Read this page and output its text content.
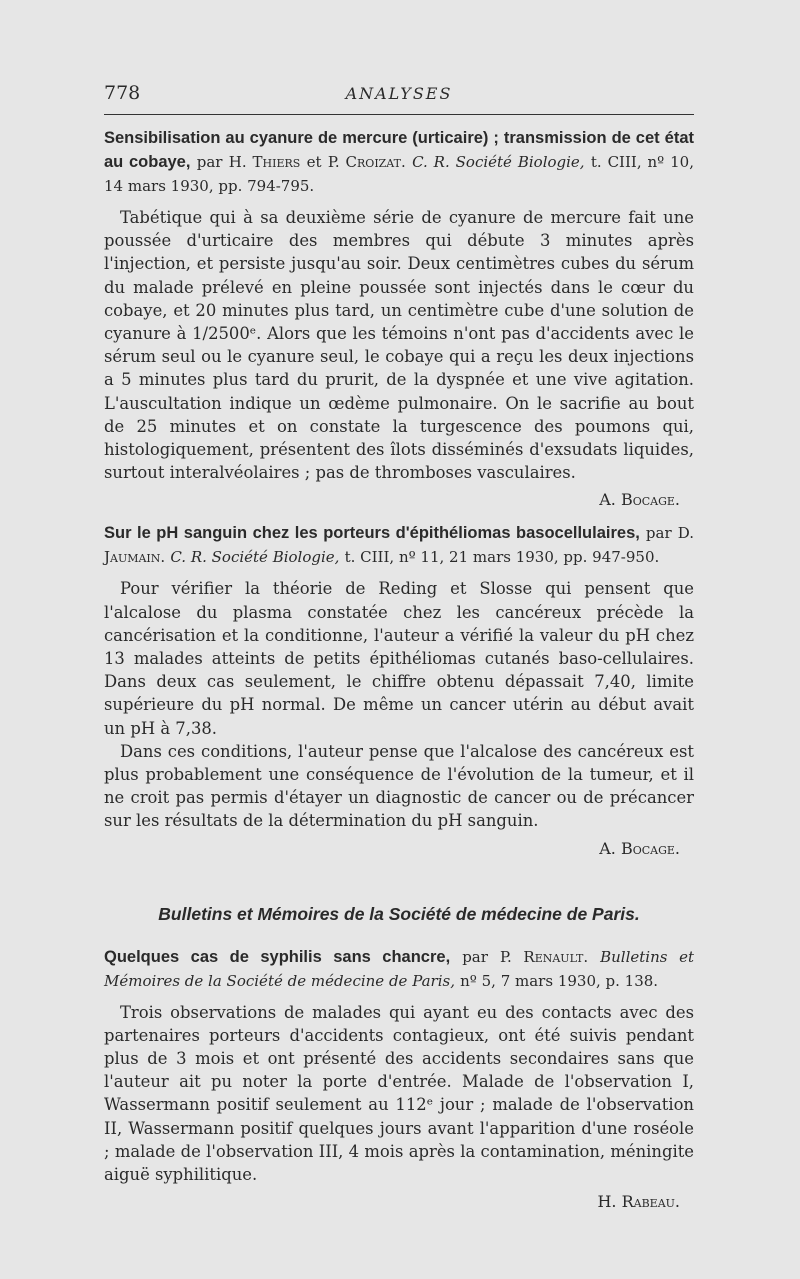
778	ANALYSES

Sensibilisation au cyanure de mercure (urticaire) ; transmission de cet état au cobaye, par H. Thiers et P. Croizat. C. R. Société Biologie, t. CIII, nº 10, 14 mars 1930, pp. 794-795.

Tabétique qui à sa deuxième série de cyanure de mercure fait une poussée d'urticaire des membres qui débute 3 minutes après l'injection, et persiste jusqu'au soir. Deux centimètres cubes du sérum du malade prélevé en pleine poussée sont injectés dans le cœur du cobaye, et 20 minutes plus tard, un centimètre cube d'une solution de cyanure à 1/2500ᵉ. Alors que les témoins n'ont pas d'accidents avec le sérum seul ou le cyanure seul, le cobaye qui a reçu les deux injections a 5 minutes plus tard du prurit, de la dyspnée et une vive agitation. L'auscultation indique un œdème pulmonaire. On le sacrifie au bout de 25 minutes et on constate la turgescence des poumons qui, histologiquement, présentent des îlots disséminés d'exsudats liquides, surtout interalvéolaires ; pas de thromboses vasculaires.

A. Bocage.

Sur le pH sanguin chez les porteurs d'épithéliomas basocellulaires, par D. Jaumain. C. R. Société Biologie, t. CIII, nº 11, 21 mars 1930, pp. 947-950.

Pour vérifier la théorie de Reding et Slosse qui pensent que l'alcalose du plasma constatée chez les cancéreux précède la cancérisation et la conditionne, l'auteur a vérifié la valeur du pH chez 13 malades atteints de petits épithéliomas cutanés baso-cellulaires. Dans deux cas seulement, le chiffre obtenu dépassait 7,40, limite supérieure du pH normal. De même un cancer utérin au début avait un pH à 7,38.

Dans ces conditions, l'auteur pense que l'alcalose des cancéreux est plus probablement une conséquence de l'évolution de la tumeur, et il ne croit pas permis d'étayer un diagnostic de cancer ou de précancer sur les résultats de la détermination du pH sanguin.

A. Bocage.

Bulletins et Mémoires de la Société de médecine de Paris.

Quelques cas de syphilis sans chancre, par P. Renault. Bulletins et Mémoires de la Société de médecine de Paris, nº 5, 7 mars 1930, p. 138.

Trois observations de malades qui ayant eu des contacts avec des partenaires porteurs d'accidents contagieux, ont été suivis pendant plus de 3 mois et ont présenté des accidents secondaires sans que l'auteur ait pu noter la porte d'entrée. Malade de l'observation I, Wassermann positif seulement au 112ᵉ jour ; malade de l'observation II, Wassermann positif quelques jours avant l'apparition d'une roséole ; malade de l'observation III, 4 mois après la contamination, méningite aiguë syphilitique.

H. Rabeau.
